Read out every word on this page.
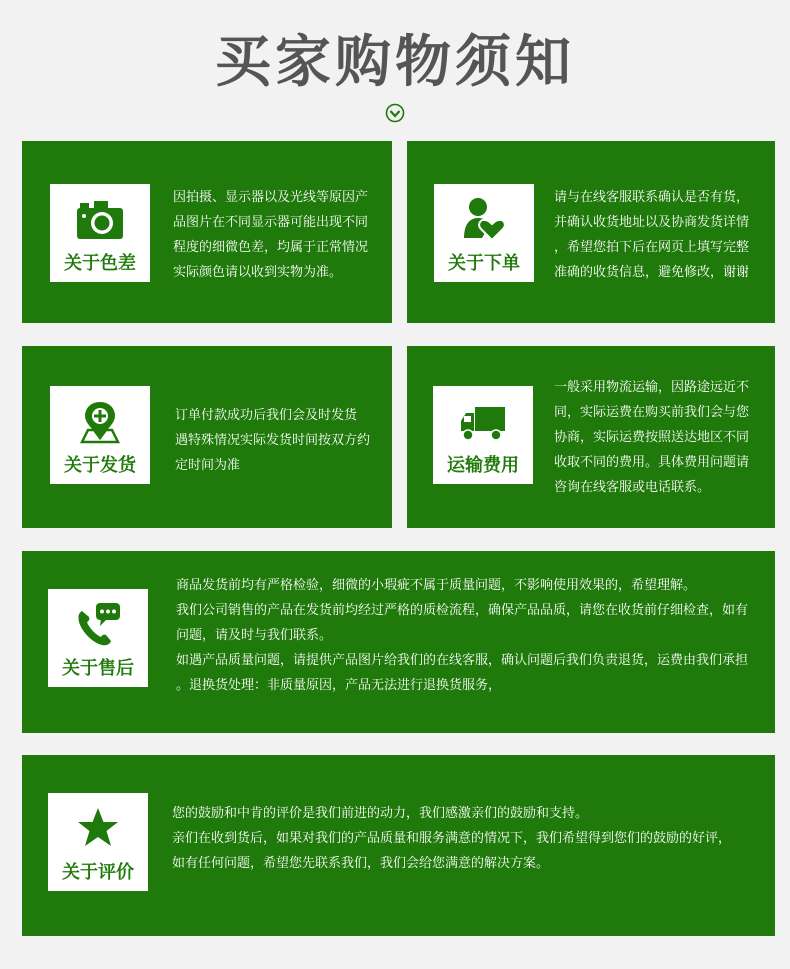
买家购物须知
关于色差

因拍摄、显示器以及光线等原因产

品图片在不同显示器可能出现不同

程度的细微色差，均属于正常情况

实际颜色请以收到实物为准。	关于下单

请与在线客服联系确认是否有货，

并确认收货地址以及协商发货详情

，希望您拍下后在网页上填写完整

准确的收货信息，避免修改，谢谢

关于发货

订单付款成功后我们会及时发货

遇特殊情况实际发货时间按双方约

定时间为准	运输费用

一般采用物流运输，因路途远近不

同，实际运费在购买前我们会与您

协商，实际运费按照送达地区不同

收取不同的费用。具体费用问题请

咨询在线客服或电话联系。

关于售后

商品发货前均有严格检验，细微的小瑕疵不属于质量问题，不影响使用效果的，希望理解。

我们公司销售的产品在发货前均经过严格的质检流程，确保产品品质，请您在收货前仔细检查，如有

问题，请及时与我们联系。

如遇产品质量问题，请提供产品图片给我们的在线客服，确认问题后我们负责退货，运费由我们承担

。退换货处理：非质量原因，产品无法进行退换货服务，

关于评价

您的鼓励和中肯的评价是我们前进的动力，我们感激亲们的鼓励和支持。

亲们在收到货后，如果对我们的产品质量和服务满意的情况下，我们希望得到您们的鼓励的好评，

如有任何问题，希望您先联系我们，我们会给您满意的解决方案。
